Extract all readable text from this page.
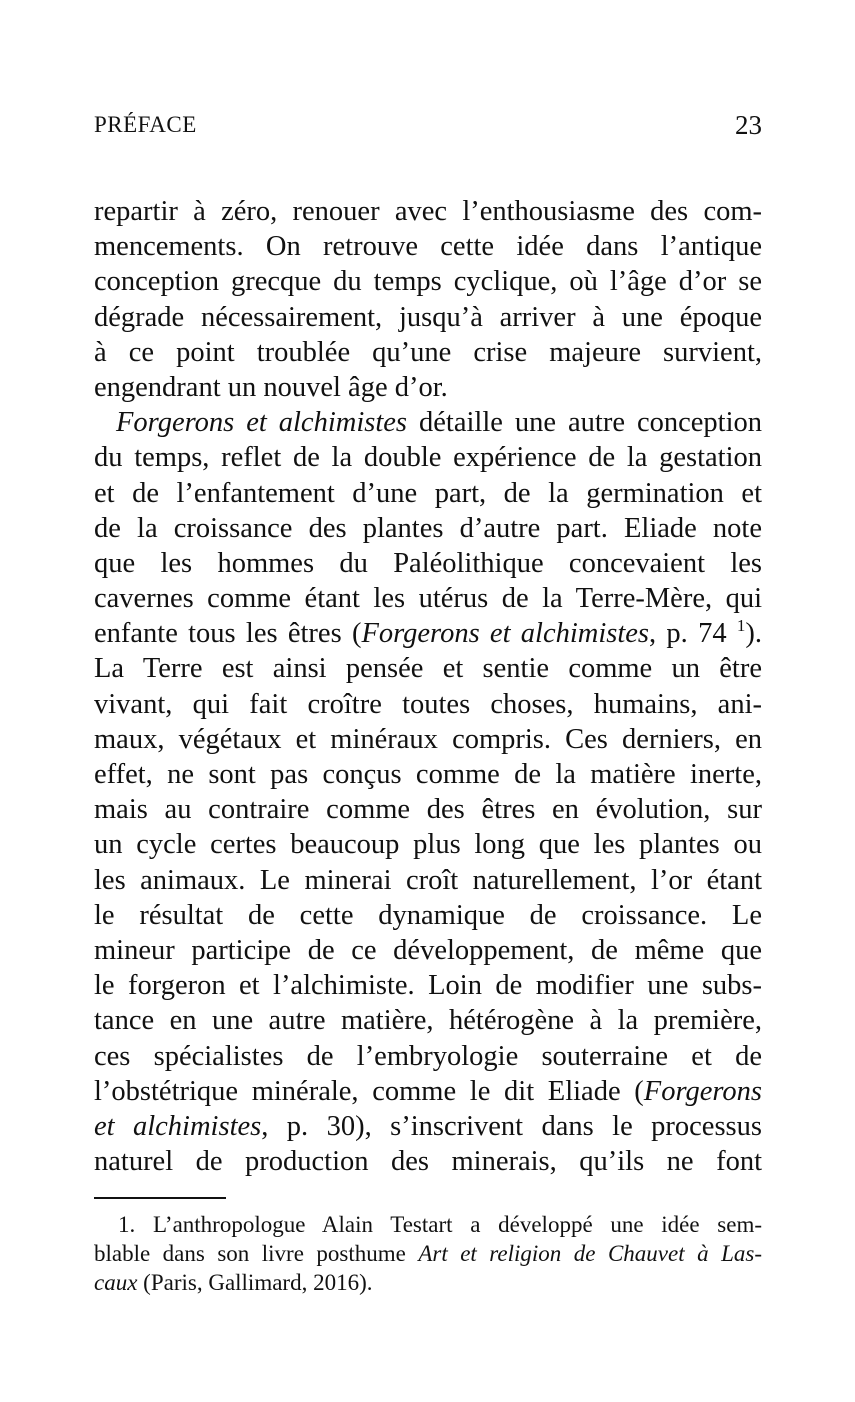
PRÉFACE	23
repartir à zéro, renouer avec l’enthousiasme des com-
mencements. On retrouve cette idée dans l’antique
conception grecque du temps cyclique, où l’âge d’or se
dégrade nécessairement, jusqu’à arriver à une époque
à ce point troublée qu’une crise majeure survient,
engendrant un nouvel âge d’or.
Forgerons et alchimistes détaille une autre conception
du temps, reflet de la double expérience de la gestation
et de l’enfantement d’une part, de la germination et
de la croissance des plantes d’autre part. Eliade note
que les hommes du Paléolithique concevaient les
cavernes comme étant les utérus de la Terre-Mère, qui
enfante tous les êtres (Forgerons et alchimistes, p. 74 $^1$).
La Terre est ainsi pensée et sentie comme un être
vivant, qui fait croître toutes choses, humains, ani-
maux, végétaux et minéraux compris. Ces derniers, en
effet, ne sont pas conçus comme de la matière inerte,
mais au contraire comme des êtres en évolution, sur
un cycle certes beaucoup plus long que les plantes ou
les animaux. Le minerai croît naturellement, l’or étant
le résultat de cette dynamique de croissance. Le
mineur participe de ce développement, de même que
le forgeron et l’alchimiste. Loin de modifier une subs-
tance en une autre matière, hétérogène à la première,
ces spécialistes de l’embryologie souterraine et de
l’obstétrique minérale, comme le dit Eliade (Forgerons
et alchimistes, p. 30), s’inscrivent dans le processus
naturel de production des minerais, qu’ils ne font
1. L’anthropologue Alain Testart a développé une idée sem-
blable dans son livre posthume Art et religion de Chauvet à Las-
caux (Paris, Gallimard, 2016).
